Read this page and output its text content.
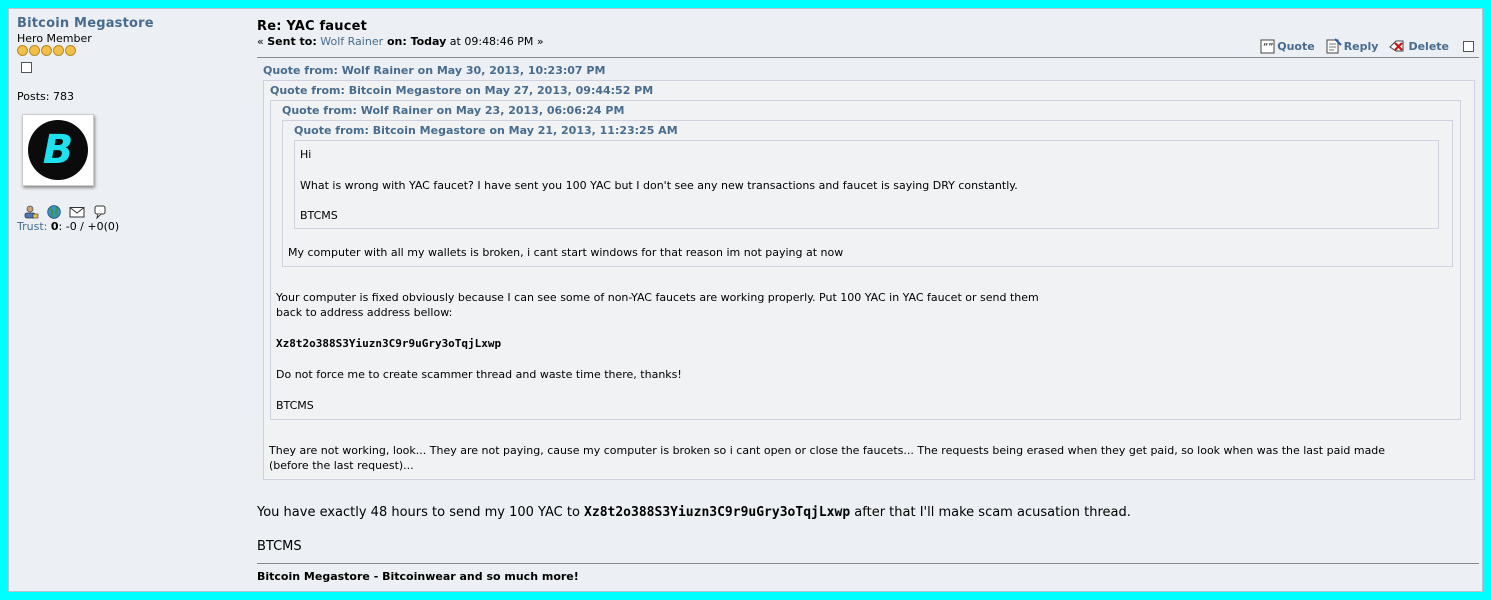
Bitcoin Megastore
Hero Member
Posts: 783
B
Trust: 0: -0 / +0(0)
Re: YAC faucet
« Sent to: Wolf Rainer on: Today at 09:48:46 PM »	“” Quote	Reply	Delete
Quote from: Wolf Rainer on May 30, 2013, 10:23:07 PM
Quote from: Bitcoin Megastore on May 27, 2013, 09:44:52 PM
Quote from: Wolf Rainer on May 23, 2013, 06:06:24 PM
Quote from: Bitcoin Megastore on May 21, 2013, 11:23:25 AM
Hi
What is wrong with YAC faucet? I have sent you 100 YAC but I don't see any new transactions and faucet is saying DRY constantly.
BTCMS
My computer with all my wallets is broken, i cant start windows for that reason im not paying at now
Your computer is fixed obviously because I can see some of non-YAC faucets are working properly. Put 100 YAC in YAC faucet or send them
back to address address bellow:
Xz8t2o388S3Yiuzn3C9r9uGry3oTqjLxwp
Do not force me to create scammer thread and waste time there, thanks!
BTCMS
They are not working, look... They are not paying, cause my computer is broken so i cant open or close the faucets... The requests being erased when they get paid, so look when was the last paid made
(before the last request)...
You have exactly 48 hours to send my 100 YAC to Xz8t2o388S3Yiuzn3C9r9uGry3oTqjLxwp after that I'll make scam acusation thread.
BTCMS
Bitcoin Megastore - Bitcoinwear and so much more!
